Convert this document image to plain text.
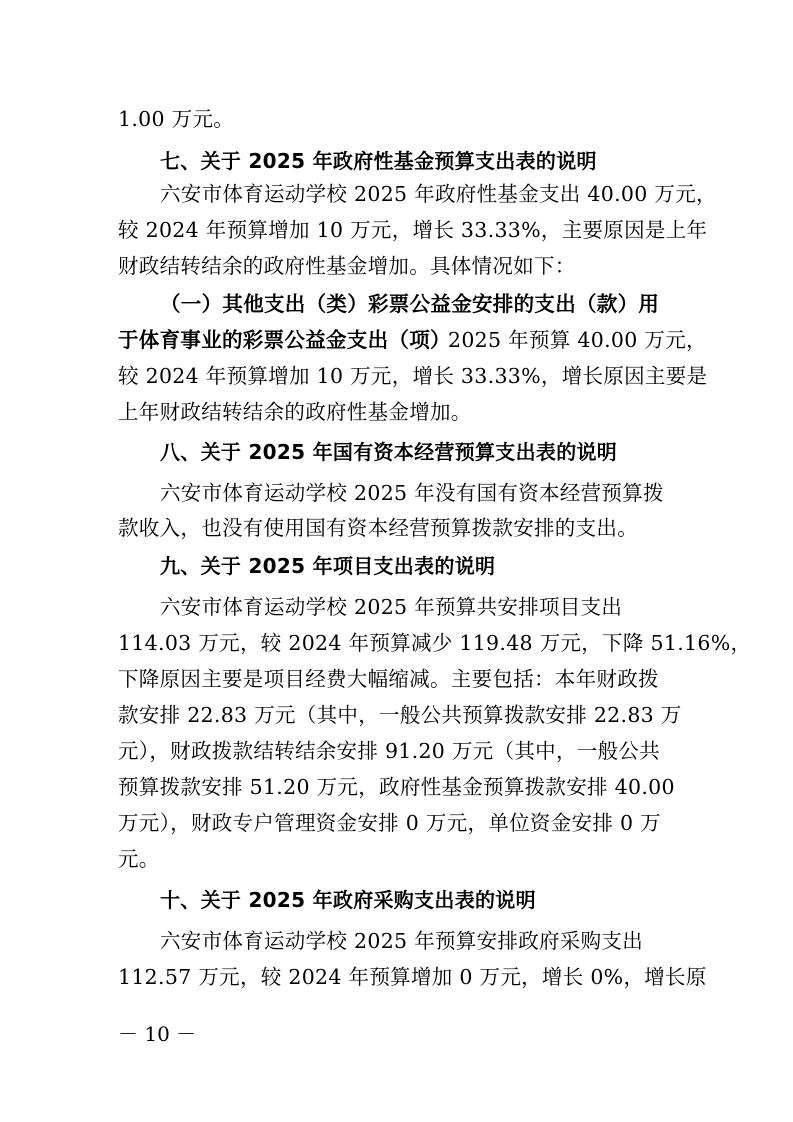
1.00 万元。
七、关于 2025 年政府性基金预算支出表的说明
六安市体育运动学校 2025 年政府性基金支出 40.00 万元，
较 2024 年预算增加 10 万元，增长 33.33%，主要原因是上年
财政结转结余的政府性基金增加。具体情况如下：
（一）其他支出（类）彩票公益金安排的支出（款）用
于体育事业的彩票公益金支出（项）
2025 年预算 40.00 万元，
较 2024 年预算增加 10 万元，增长 33.33%，增长原因主要是
上年财政结转结余的政府性基金增加。
八、关于 2025 年国有资本经营预算支出表的说明
六安市体育运动学校 2025 年没有国有资本经营预算拨
款收入，也没有使用国有资本经营预算拨款安排的支出。
九、关于 2025 年项目支出表的说明
六安市体育运动学校 2025 年预算共安排项目支出
114.03 万元，较 2024 年预算减少 119.48 万元，下降 51.16%，
下降原因主要是项目经费大幅缩减。主要包括：本年财政拨
款安排 22.83 万元（其中，一般公共预算拨款安排 22.83 万
元），财政拨款结转结余安排 91.20 万元（其中，一般公共
预算拨款安排 51.20 万元，政府性基金预算拨款安排 40.00
万元），财政专户管理资金安排 0 万元，单位资金安排 0 万
元。
十、关于 2025 年政府采购支出表的说明
六安市体育运动学校 2025 年预算安排政府采购支出
112.57 万元，较 2024 年预算增加 0 万元，增长 0%，增长原
－ 10 －
